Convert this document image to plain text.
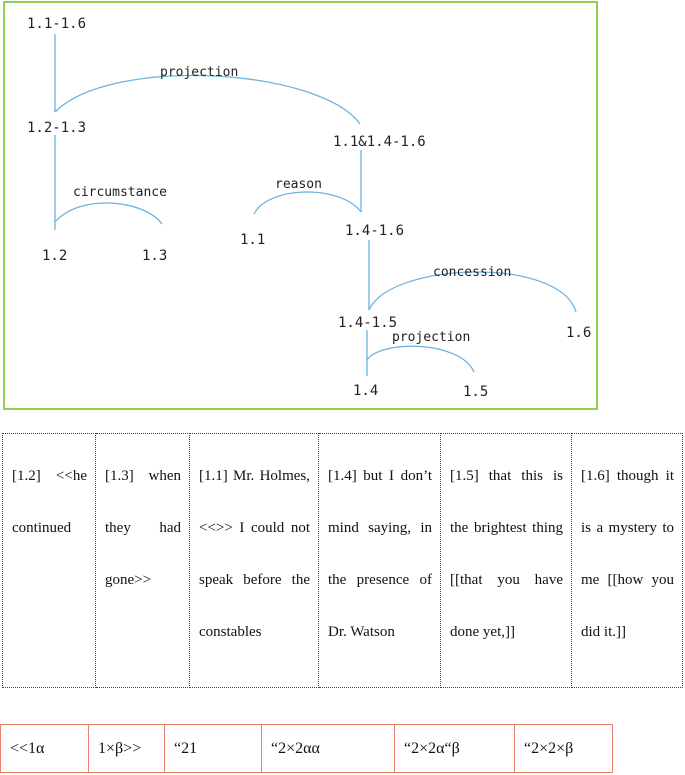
1.1-1.6
projection
1.2-1.3
1.1&1.4-1.6
circumstance
reason
1.1
1.4-1.6
1.2	1.3
concession
1.4-1.5
projection	1.6
1.4	1.5
[1.2] <<he continued	[1.3] when they had gone>>	[1.1] Mr. Holmes, <<>> I could not speak before the constables	[1.4] but I don’t mind saying, in the presence of Dr. Watson	[1.5] that this is the brightest thing [[that you have done yet,]]	[1.6] though it is a mystery to me [[how you did it.]]
<<1α	1×β>>	“21	“2×2αα	“2×2α“β	“2×2×β
